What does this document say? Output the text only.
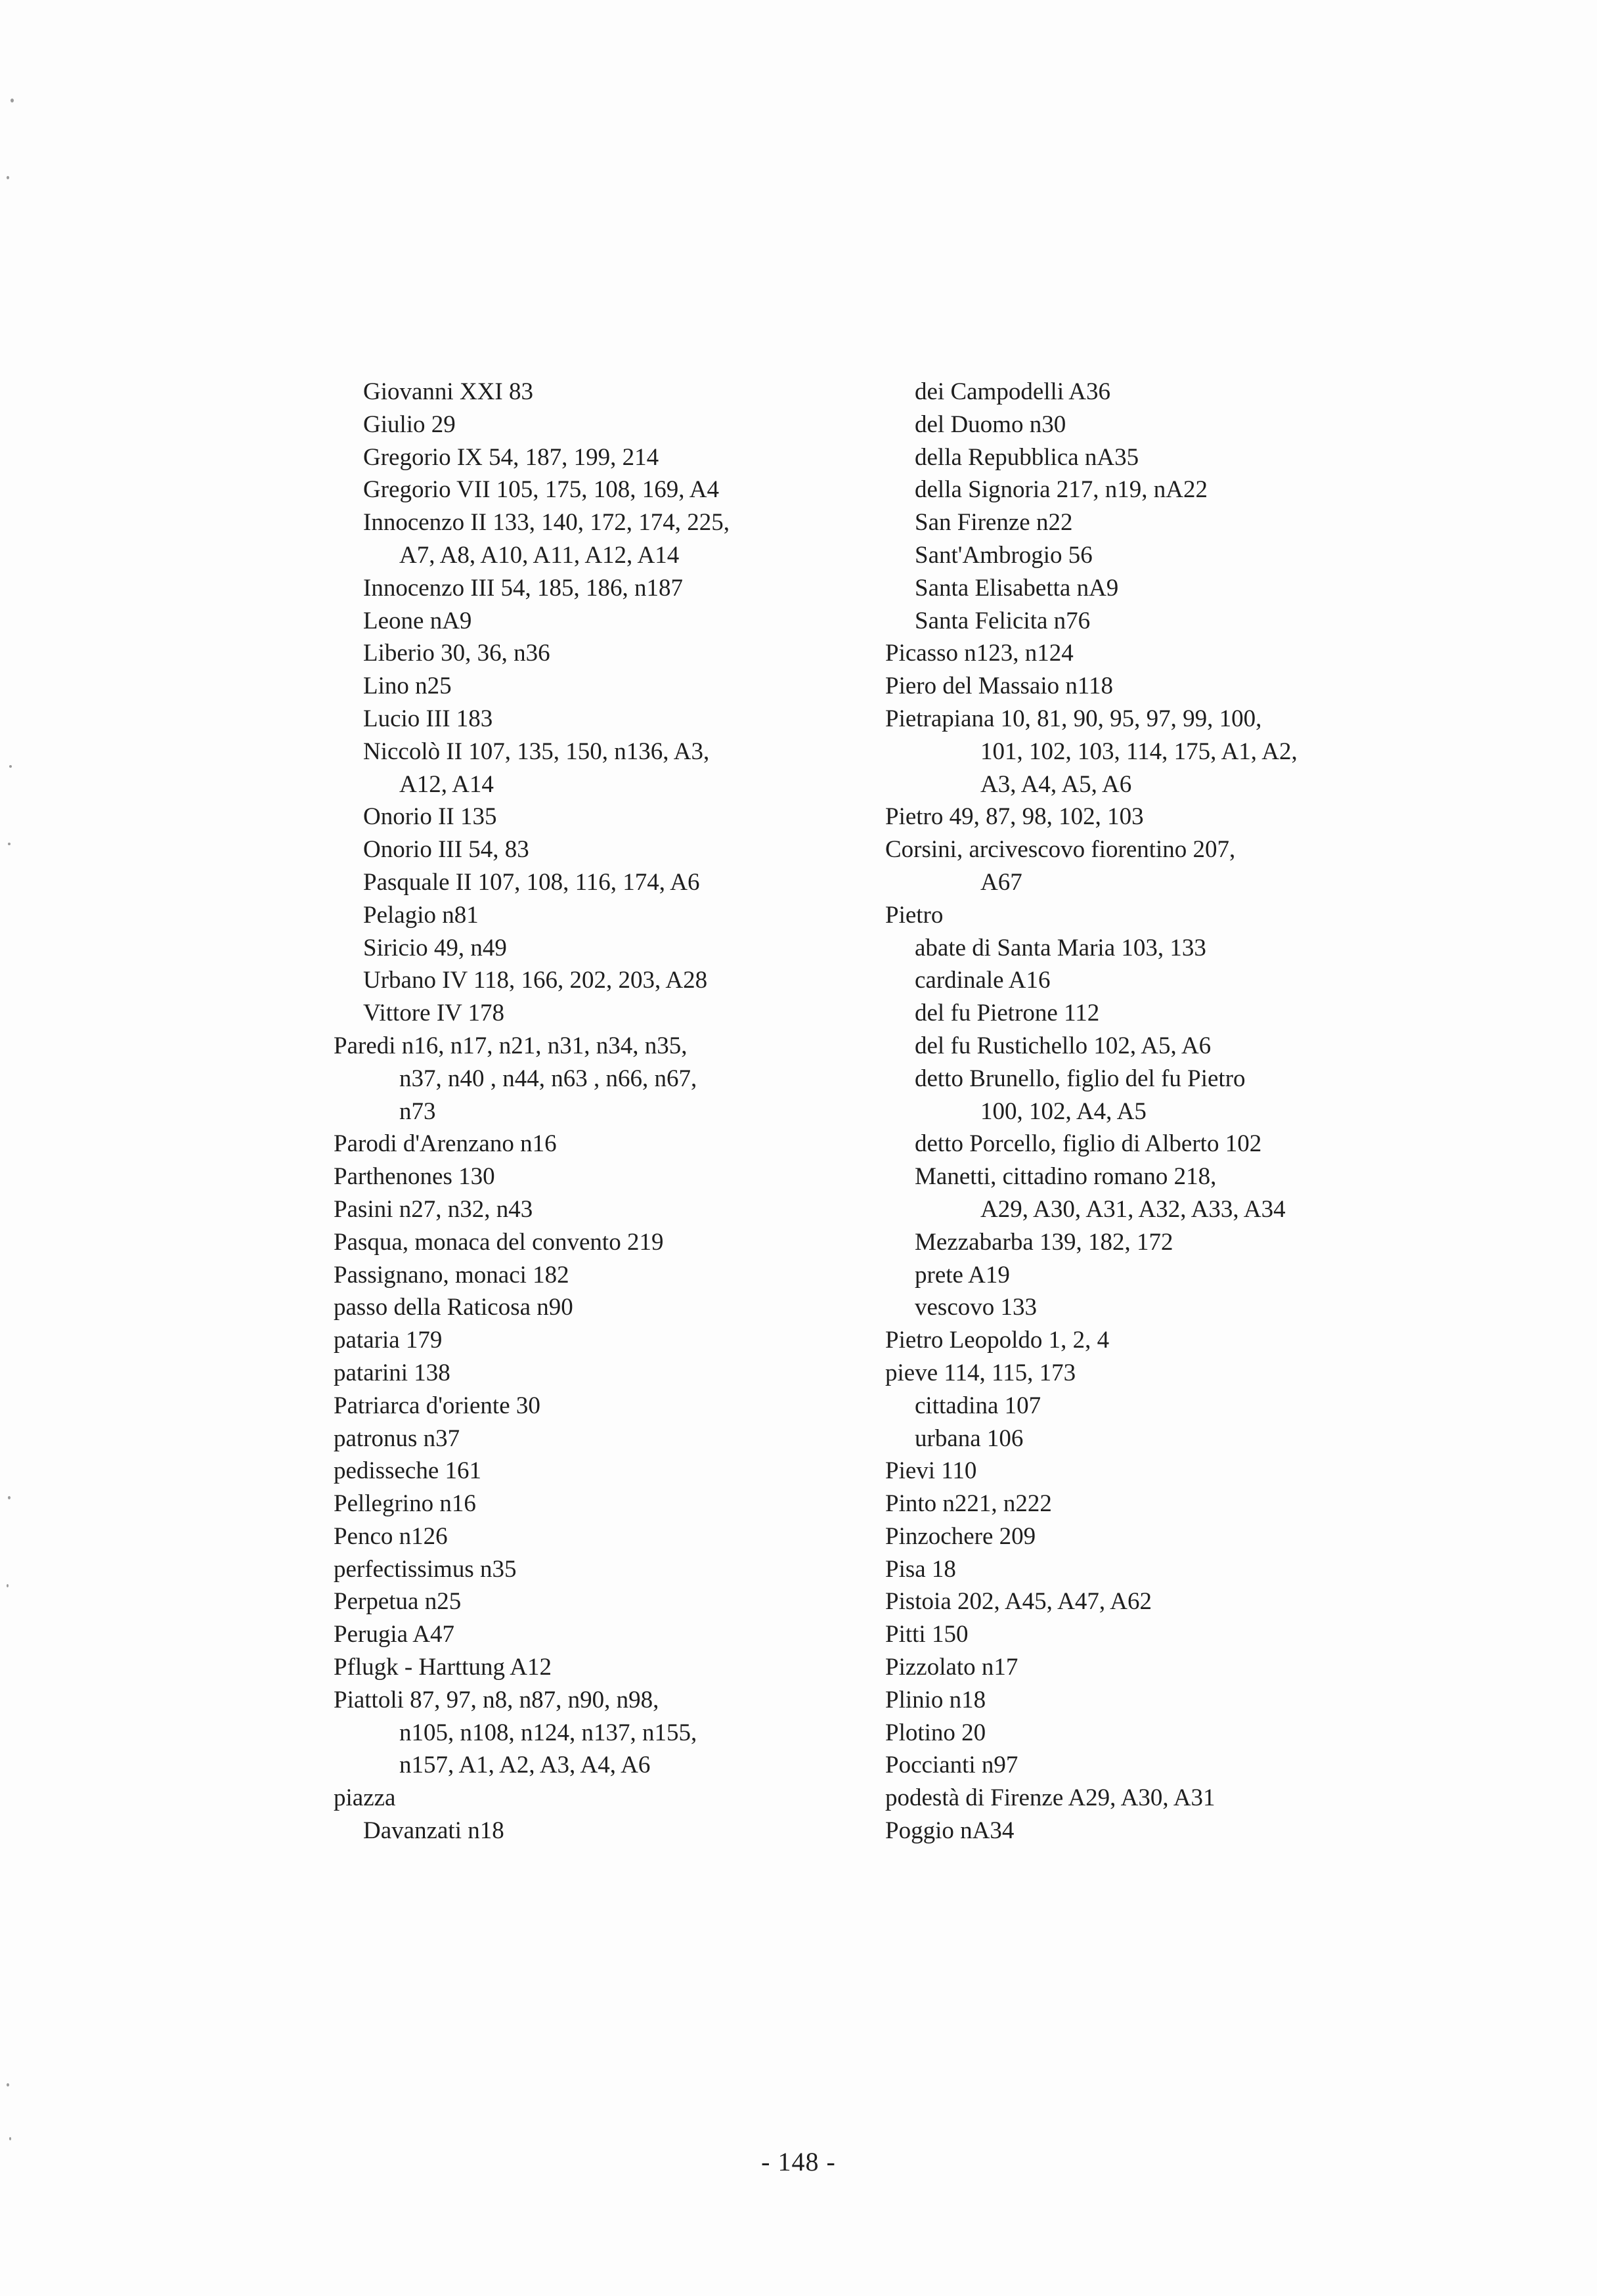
Giovanni XXI 83
Giulio 29
Gregorio IX 54, 187, 199, 214
Gregorio VII 105, 175, 108, 169, A4
Innocenzo II 133, 140, 172, 174, 225,
A7, A8, A10, A11, A12, A14
Innocenzo III 54, 185, 186, n187
Leone nA9
Liberio 30, 36, n36
Lino n25
Lucio III 183
Niccolò II 107, 135, 150, n136, A3,
A12, A14
Onorio II 135
Onorio III 54, 83
Pasquale II 107, 108, 116, 174, A6
Pelagio n81
Siricio 49, n49
Urbano IV 118, 166, 202, 203, A28
Vittore IV 178
Paredi n16, n17, n21, n31, n34, n35,
n37, n40 , n44, n63 , n66, n67,
n73
Parodi d'Arenzano n16
Parthenones 130
Pasini n27, n32, n43
Pasqua, monaca del convento 219
Passignano, monaci 182
passo della Raticosa n90
pataria 179
patarini 138
Patriarca d'oriente 30
patronus n37
pedisseche 161
Pellegrino n16
Penco n126
perfectissimus n35
Perpetua n25
Perugia A47
Pflugk - Harttung A12
Piattoli 87, 97, n8, n87, n90, n98,
n105, n108, n124, n137, n155,
n157, A1, A2, A3, A4, A6
piazza
Davanzati n18
dei Campodelli A36
del Duomo n30
della Repubblica nA35
della Signoria 217, n19, nA22
San Firenze n22
Sant'Ambrogio 56
Santa Elisabetta nA9
Santa Felicita n76
Picasso n123, n124
Piero del Massaio n118
Pietrapiana 10, 81, 90, 95, 97, 99, 100,
101, 102, 103, 114, 175, A1, A2,
A3, A4, A5, A6
Pietro 49, 87, 98, 102, 103
Corsini, arcivescovo fiorentino 207,
A67
Pietro
abate di Santa Maria 103, 133
cardinale A16
del fu Pietrone 112
del fu Rustichello 102, A5, A6
detto Brunello, figlio del fu Pietro
100, 102, A4, A5
detto Porcello, figlio di Alberto 102
Manetti, cittadino romano 218,
A29, A30, A31, A32, A33, A34
Mezzabarba 139, 182, 172
prete A19
vescovo 133
Pietro Leopoldo 1, 2, 4
pieve 114, 115, 173
cittadina 107
urbana 106
Pievi 110
Pinto n221, n222
Pinzochere 209
Pisa 18
Pistoia 202, A45, A47, A62
Pitti 150
Pizzolato n17
Plinio n18
Plotino 20
Poccianti n97
podestà di Firenze A29, A30, A31
Poggio nA34
- 148 -
